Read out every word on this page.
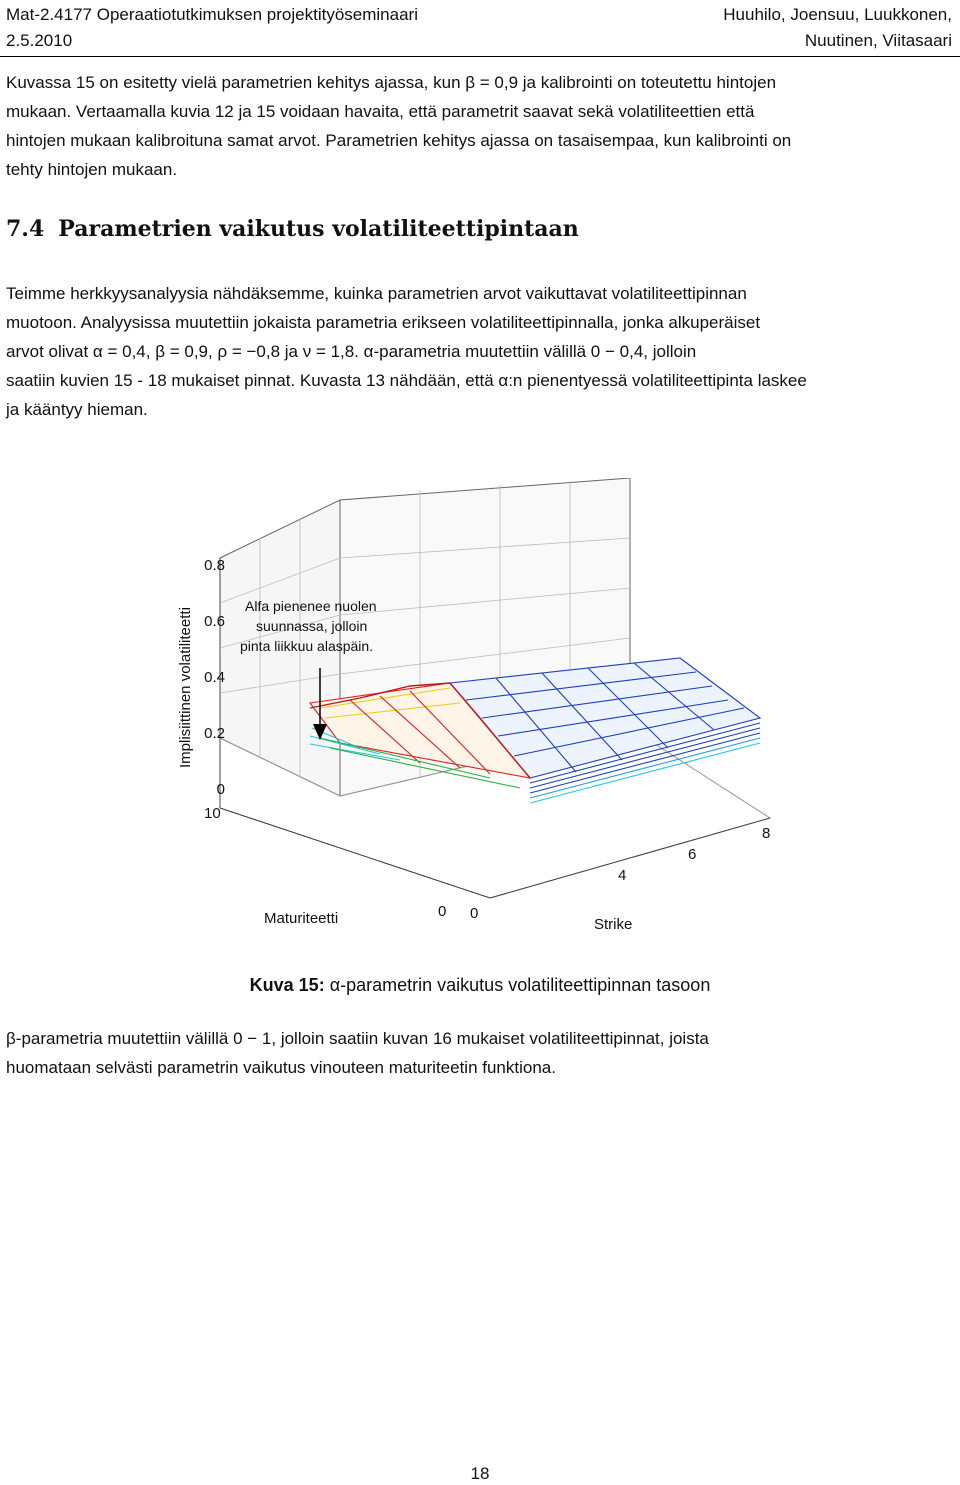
Mat-2.4177 Operaatiotutkimuksen projektityöseminaari
2.5.2010
Huuhilo, Joensuu, Luukkonen,
Nuutinen, Viitasaari
Kuvassa 15 on esitetty vielä parametrien kehitys ajassa, kun β = 0,9 ja kalibrointi on toteutettu hintojen
mukaan. Vertaamalla kuvia 12 ja 15 voidaan havaita, että parametrit saavat sekä volatiliteettien että
hintojen mukaan kalibroituna samat arvot. Parametrien kehitys ajassa on tasaisempaa, kun kalibrointi on
tehty hintojen mukaan.
7.4 Parametrien vaikutus volatiliteettipintaan
Teimme herkkyysanalyysia nähdäksemme, kuinka parametrien arvot vaikuttavat volatiliteettipinnan
muotoon. Analyysissa muutettiin jokaista parametria erikseen volatiliteettipinnalla, jonka alkuperäiset
arvot olivat α = 0,4, β = 0,9, ρ = −0,8 ja ν = 1,8. α-parametria muutettiin välillä 0 − 0,4, jolloin
saatiin kuvien 15 - 18 mukaiset pinnat. Kuvasta 13 nähdään, että α:n pienentyessä volatiliteettipinta laskee
ja kääntyy hieman.
Alfa pienenee nuolen
suunnassa, jolloin
pinta liikkuu alaspäin.
0.8
0.6
0.4
0.2
0
10
0 0
4
6
8
Implisiittinen volatiliteetti
Maturiteetti	Strike
Kuva 15: α-parametrin vaikutus volatiliteettipinnan tasoon
β-parametria muutettiin välillä 0 − 1, jolloin saatiin kuvan 16 mukaiset volatiliteettipinnat, joista
huomataan selvästi parametrin vaikutus vinouteen maturiteetin funktiona.
18
